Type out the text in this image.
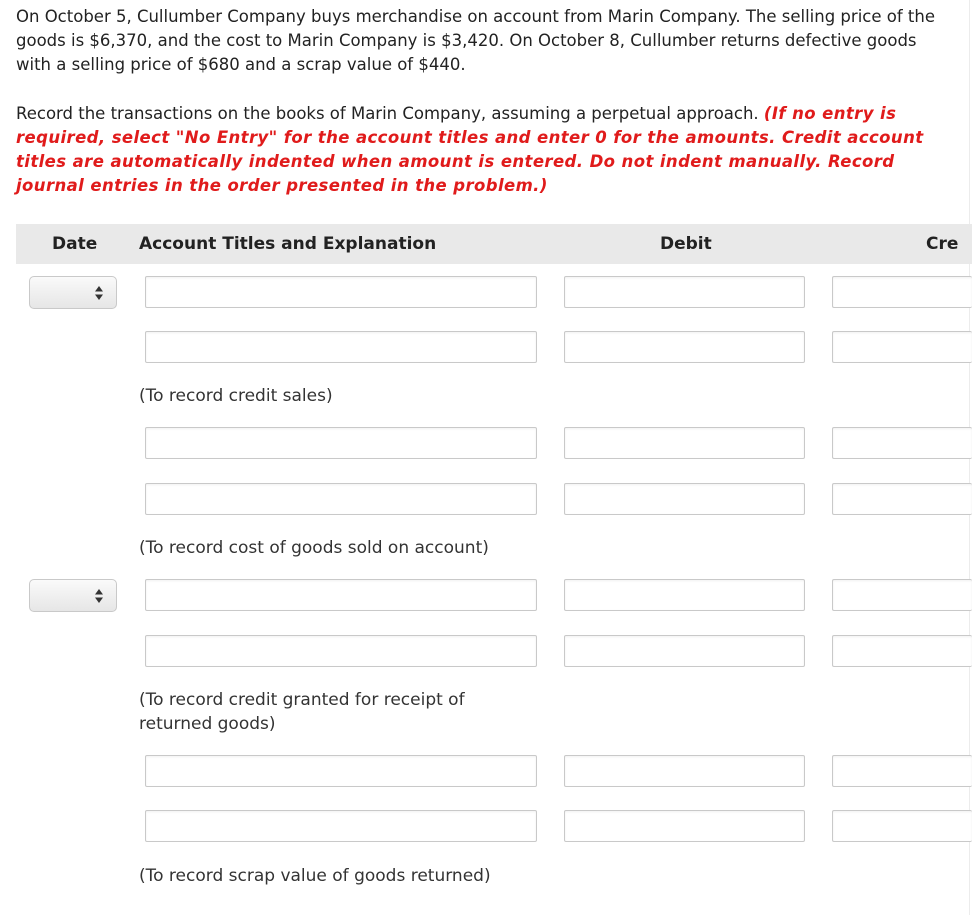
On October 5, Cullumber Company buys merchandise on account from Marin Company. The selling price of the goods is $6,370, and the cost to Marin Company is $3,420. On October 8, Cullumber returns defective goods with a selling price of $680 and a scrap value of $440.
Record the transactions on the books of Marin Company, assuming a perpetual approach. (If no entry is required, select "No Entry" for the account titles and enter 0 for the amounts. Credit account titles are automatically indented when amount is entered. Do not indent manually. Record journal entries in the order presented in the problem.)
Date Account Titles and Explanation	Debit	Cre
(To record credit sales)
(To record cost of goods sold on account)
(To record credit granted for receipt of returned goods)
(To record scrap value of goods returned)
